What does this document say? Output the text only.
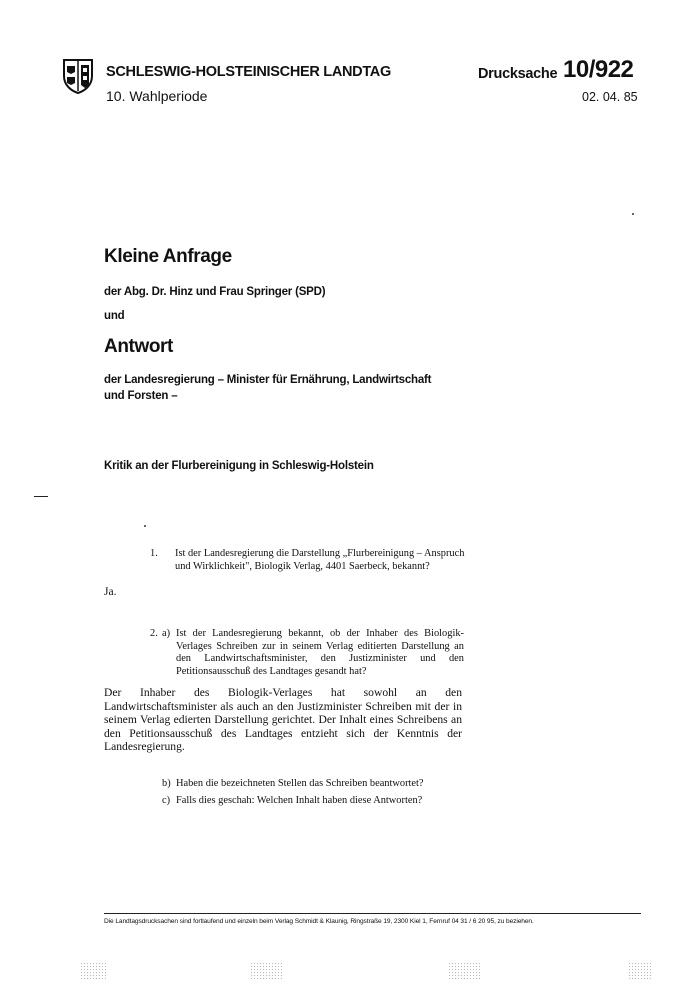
SCHLESWIG-HOLSTEINISCHER LANDTAG
10. Wahlperiode
Drucksache 10/922
02. 04. 85
Kleine Anfrage
der Abg. Dr. Hinz und Frau Springer (SPD)
und
Antwort
der Landesregierung – Minister für Ernährung, Landwirtschaft
und Forsten –
Kritik an der Flurbereinigung in Schleswig-Holstein
1. Ist der Landesregierung die Darstellung „Flurbereinigung – Anspruch und Wirklichkeit", Biologik Verlag, 4401 Saerbeck, bekannt?
Ja.
2. a) Ist der Landesregierung bekannt, ob der Inhaber des Biologik-Verlages Schreiben zur in seinem Verlag editierten Darstellung an den Landwirtschaftsminister, den Justizminister und den Petitionsausschuß des Landtages gesandt hat?
Der Inhaber des Biologik-Verlages hat sowohl an den Landwirtschaftsminister als auch an den Justizminister Schreiben mit der in seinem Verlag edierten Darstellung gerichtet. Der Inhalt eines Schreibens an den Petitionsausschuß des Landtages entzieht sich der Kenntnis der Landesregierung.
b) Haben die bezeichneten Stellen das Schreiben beantwortet?
c) Falls dies geschah: Welchen Inhalt haben diese Antworten?
Die Landtagsdrucksachen sind fortlaufend und einzeln beim Verlag Schmidt & Klaunig, Ringstraße 19, 2300 Kiel 1, Fernruf 04 31 / 6 20 95, zu beziehen.
